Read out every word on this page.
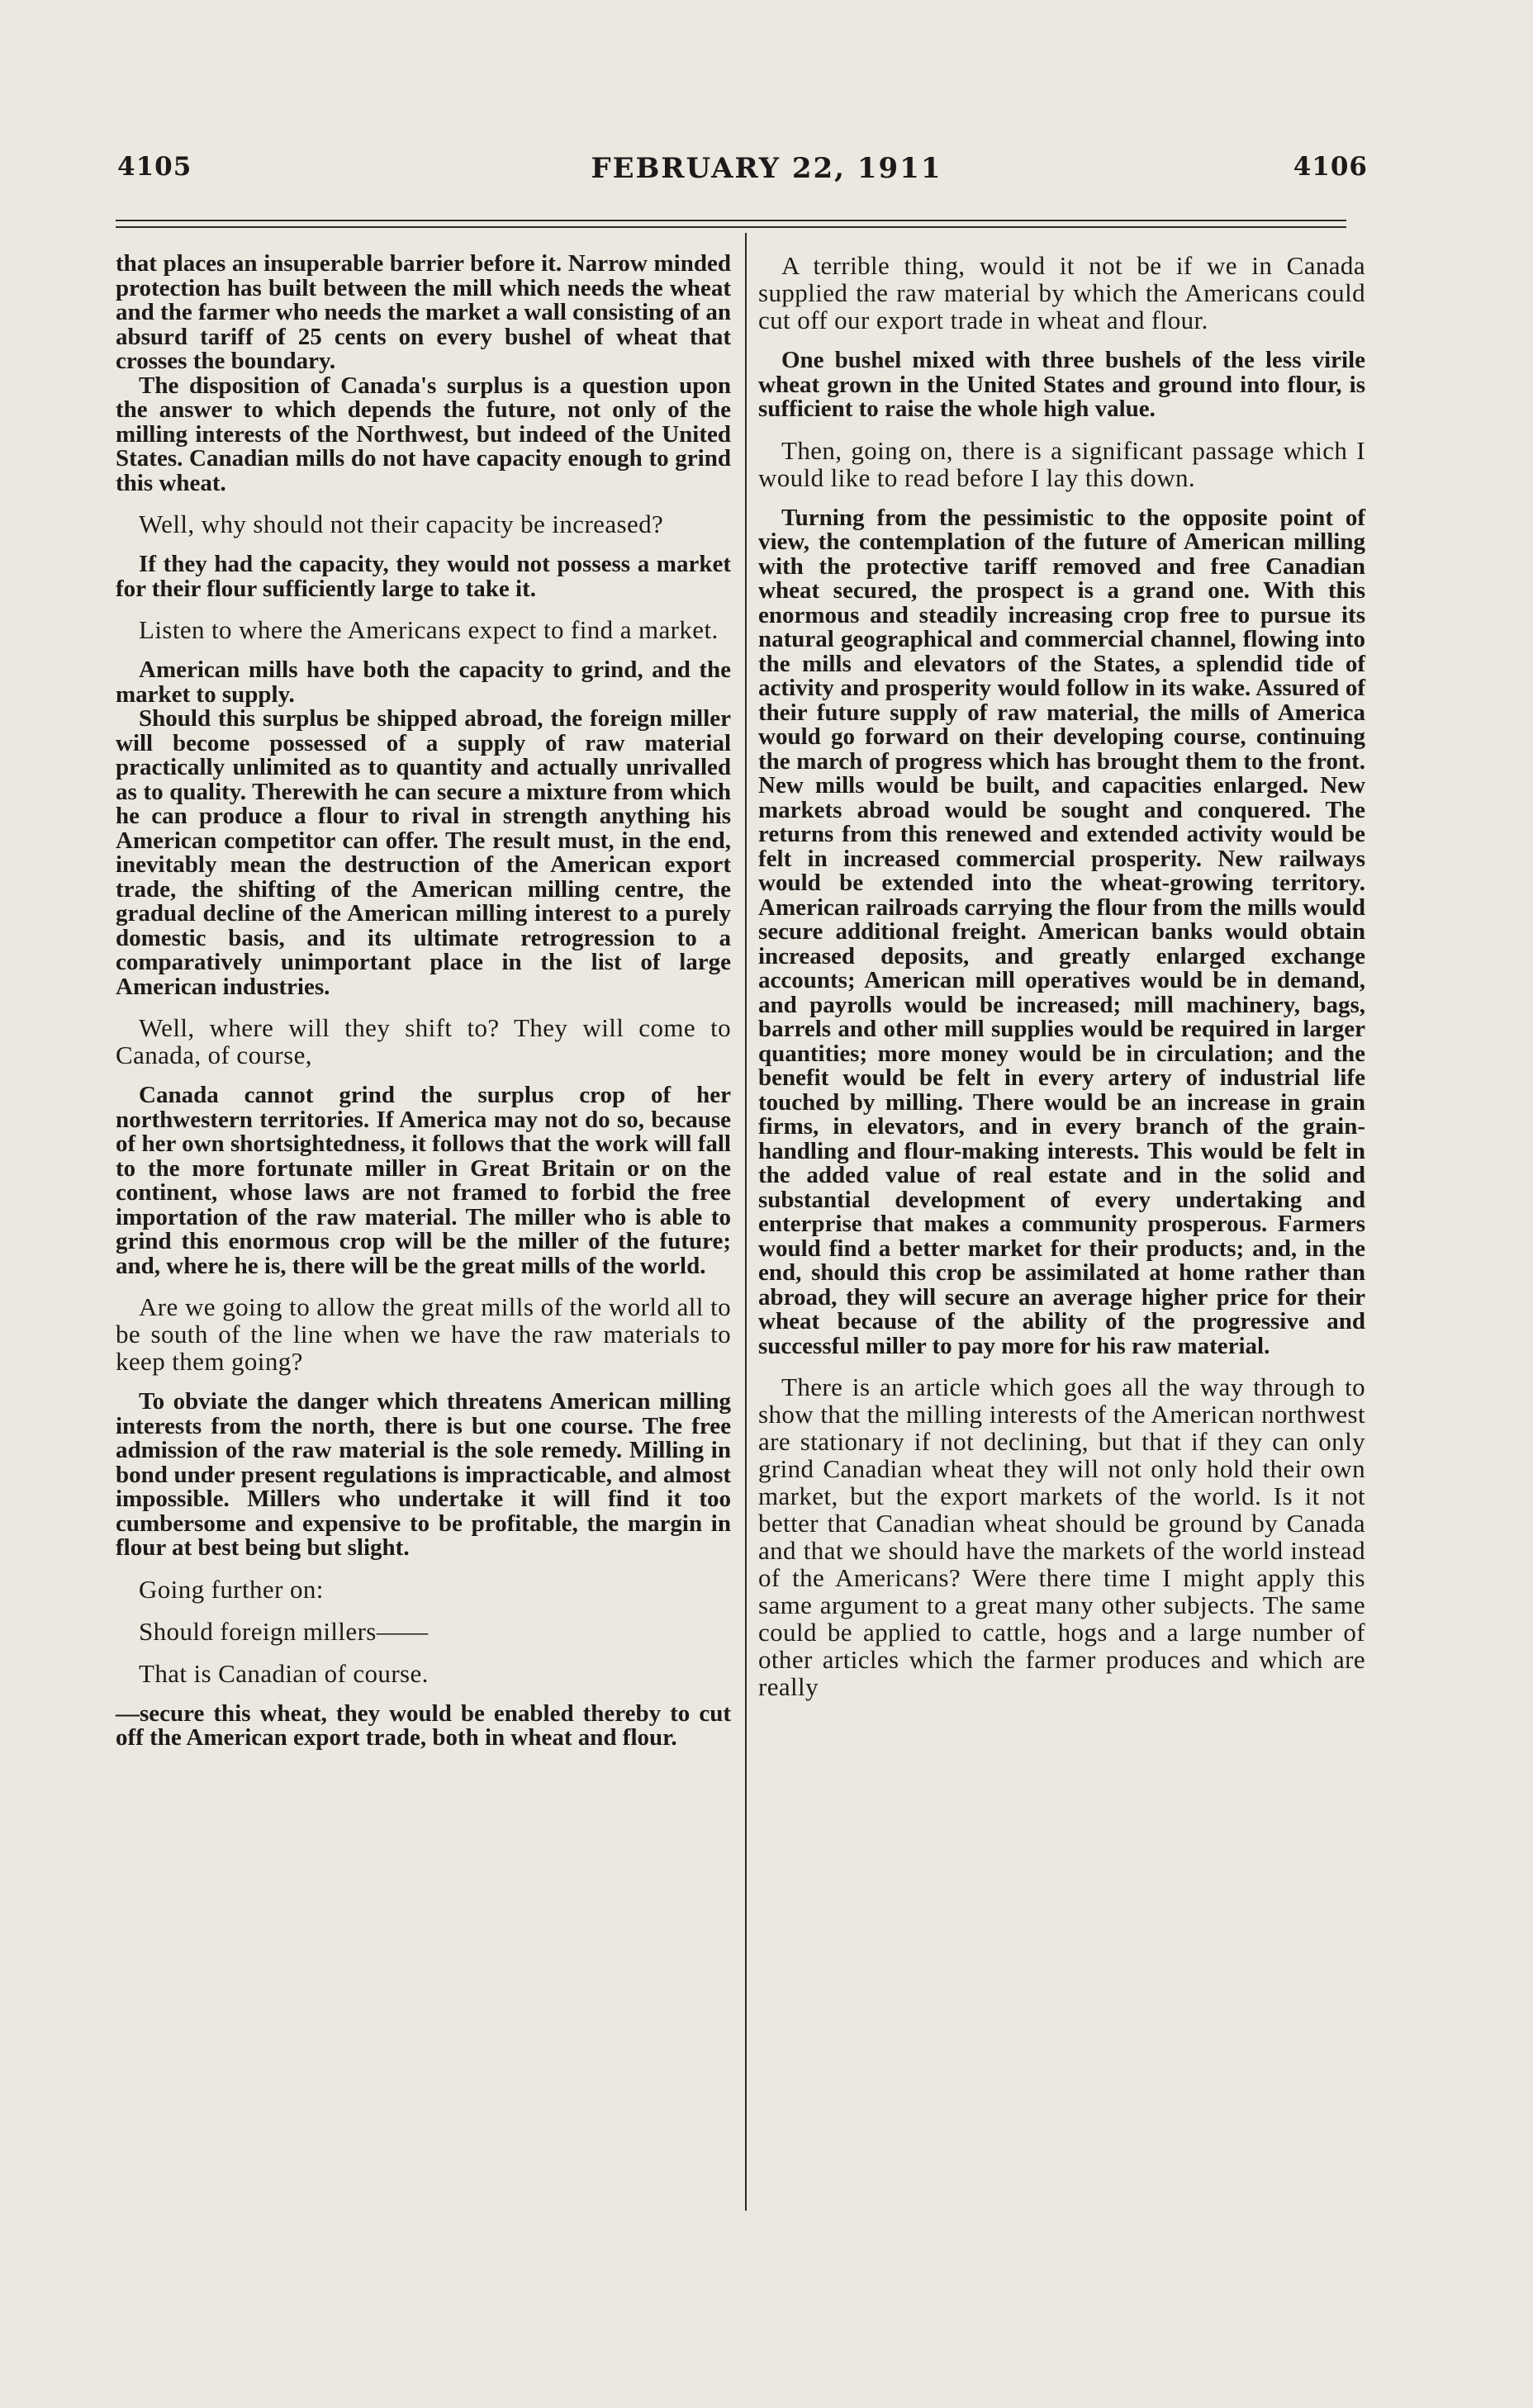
4105	FEBRUARY 22, 1911	4106

that places an insuperable barrier before it. Narrow minded protection has built between the mill which needs the wheat and the farmer who needs the market a wall consisting of an absurd tariff of 25 cents on every bushel of wheat that crosses the boundary.

The disposition of Canada's surplus is a question upon the answer to which depends the future, not only of the milling interests of the Northwest, but indeed of the United States. Canadian mills do not have capacity enough to grind this wheat.

Well, why should not their capacity be increased?

If they had the capacity, they would not possess a market for their flour sufficiently large to take it.

Listen to where the Americans expect to find a market.

American mills have both the capacity to grind, and the market to supply.

Should this surplus be shipped abroad, the foreign miller will become possessed of a supply of raw material practically unlimited as to quantity and actually unrivalled as to quality. Therewith he can secure a mixture from which he can produce a flour to rival in strength anything his American competitor can offer. The result must, in the end, inevitably mean the destruction of the American export trade, the shifting of the American milling centre, the gradual decline of the American milling interest to a purely domestic basis, and its ultimate retrogression to a comparatively unimportant place in the list of large American industries.

Well, where will they shift to? They will come to Canada, of course,

Canada cannot grind the surplus crop of her northwestern territories. If America may not do so, because of her own shortsightedness, it follows that the work will fall to the more fortunate miller in Great Britain or on the continent, whose laws are not framed to forbid the free importation of the raw material. The miller who is able to grind this enormous crop will be the miller of the future; and, where he is, there will be the great mills of the world.

Are we going to allow the great mills of the world all to be south of the line when we have the raw materials to keep them going?

To obviate the danger which threatens American milling interests from the north, there is but one course. The free admission of the raw material is the sole remedy. Milling in bond under present regulations is impracticable, and almost impossible. Millers who undertake it will find it too cumbersome and expensive to be profitable, the margin in flour at best being but slight.

Going further on:

Should foreign millers——

That is Canadian of course.

—secure this wheat, they would be enabled thereby to cut off the American export trade, both in wheat and flour.

A terrible thing, would it not be if we in Canada supplied the raw material by which the Americans could cut off our export trade in wheat and flour.

One bushel mixed with three bushels of the less virile wheat grown in the United States and ground into flour, is sufficient to raise the whole high value.

Then, going on, there is a significant passage which I would like to read before I lay this down.

Turning from the pessimistic to the opposite point of view, the contemplation of the future of American milling with the protective tariff removed and free Canadian wheat secured, the prospect is a grand one. With this enormous and steadily increasing crop free to pursue its natural geographical and commercial channel, flowing into the mills and elevators of the States, a splendid tide of activity and prosperity would follow in its wake. Assured of their future supply of raw material, the mills of America would go forward on their developing course, continuing the march of progress which has brought them to the front. New mills would be built, and capacities enlarged. New markets abroad would be sought and conquered. The returns from this renewed and extended activity would be felt in increased commercial prosperity. New railways would be extended into the wheat-growing territory. American railroads carrying the flour from the mills would secure additional freight. American banks would obtain increased deposits, and greatly enlarged exchange accounts; American mill operatives would be in demand, and payrolls would be increased; mill machinery, bags, barrels and other mill supplies would be required in larger quantities; more money would be in circulation; and the benefit would be felt in every artery of industrial life touched by milling. There would be an increase in grain firms, in elevators, and in every branch of the grain-handling and flour-making interests. This would be felt in the added value of real estate and in the solid and substantial development of every undertaking and enterprise that makes a community prosperous. Farmers would find a better market for their products; and, in the end, should this crop be assimilated at home rather than abroad, they will secure an average higher price for their wheat because of the ability of the progressive and successful miller to pay more for his raw material.

There is an article which goes all the way through to show that the milling interests of the American northwest are stationary if not declining, but that if they can only grind Canadian wheat they will not only hold their own market, but the export markets of the world. Is it not better that Canadian wheat should be ground by Canada and that we should have the markets of the world instead of the Americans? Were there time I might apply this same argument to a great many other subjects. The same could be applied to cattle, hogs and a large number of other articles which the farmer produces and which are really
